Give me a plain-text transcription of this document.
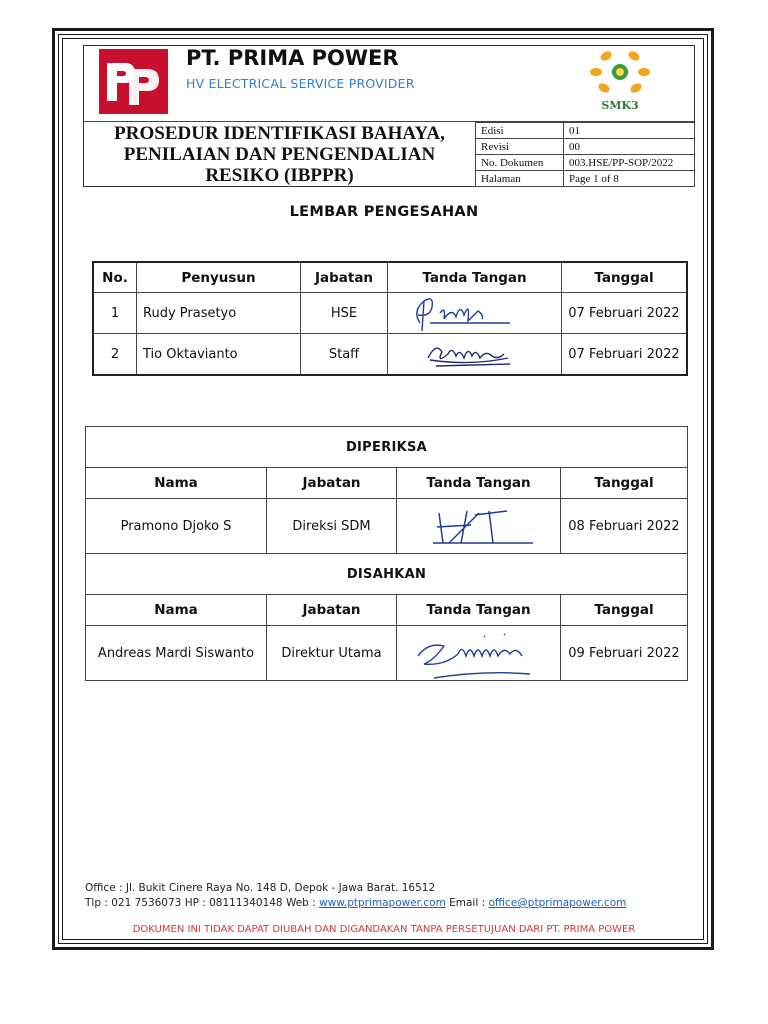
PT. PRIMA POWER
HV ELECTRICAL SERVICE PROVIDER
SMK3
PROSEDUR IDENTIFIKASI BAHAYA,
PENILAIAN DAN PENGENDALIAN
RESIKO (IBPPR)
Edisi	01
Revisi	00
No. Dokumen	003.HSE/PP-SOP/2022
Halaman	Page 1 of 8
LEMBAR PENGESAHAN
No.	Penyusun	Jabatan	Tanda Tangan	Tanggal
1	Rudy Prasetyo	HSE		07 Februari 2022
2	Tio Oktavianto	Staff		07 Februari 2022
DIPERIKSA			
Nama	Jabatan	Tanda Tangan	Tanggal
Pramono Djoko S	Direksi SDM		08 Februari 2022
DISAHKAN			
Nama	Jabatan	Tanda Tangan	Tanggal
Andreas Mardi Siswanto	Direktur Utama		09 Februari 2022
Office : Jl. Bukit Cinere Raya No. 148 D, Depok - Jawa Barat. 16512
Tlp : 021 7536073 HP : 08111340148 Web : www.ptprimapower.com Email : office@ptprimapower.com
DOKUMEN INI TIDAK DAPAT DIUBAH DAN DIGANDAKAN TANPA PERSETUJUAN DARI PT. PRIMA POWER
